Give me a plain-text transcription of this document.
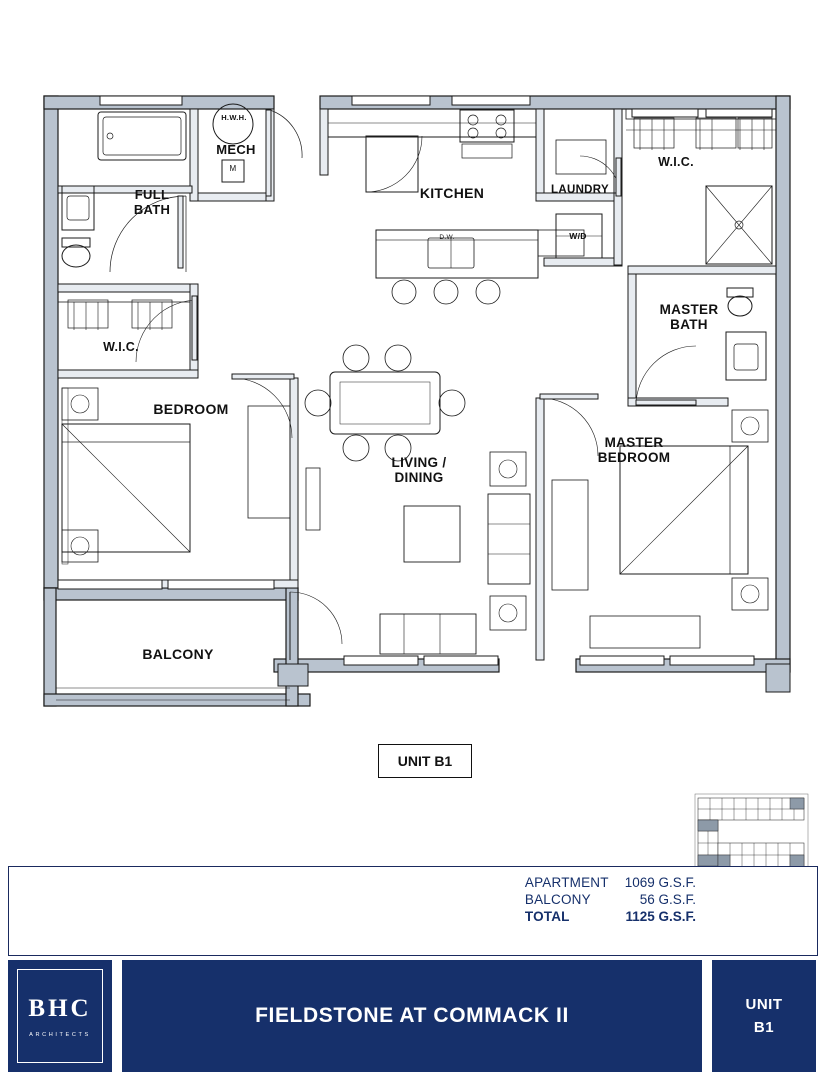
MECH
FULL
BATH
KITCHEN	LAUNDRY
W.I.C.
MASTER
BATH
W.I.C.
BEDROOM
LIVING /
DINING
MASTER
BEDROOM
BALCONY
H.W.H.
M
W/D
D.W.
UNIT B1
APARTMENT	1069 G.S.F.
BALCONY	56 G.S.F.
TOTAL	1125 G.S.F.
BHC
ARCHITECTS
FIELDSTONE AT COMMACK II	UNIT
B1
